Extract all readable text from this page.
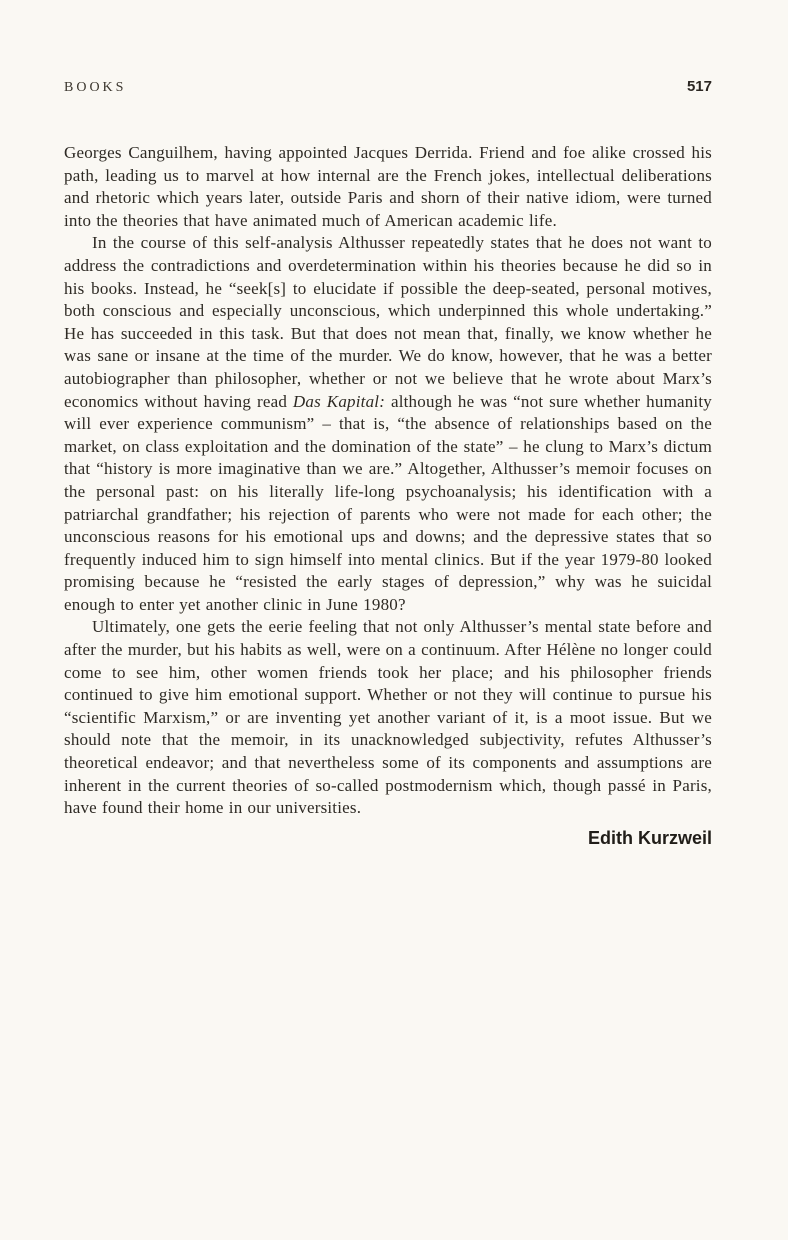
BOOKS	517

Georges Canguilhem, having appointed Jacques Derrida. Friend and foe alike crossed his path, leading us to marvel at how internal are the French jokes, intellectual deliberations and rhetoric which years later, outside Paris and shorn of their native idiom, were turned into the theories that have animated much of American academic life.

In the course of this self-analysis Althusser repeatedly states that he does not want to address the contradictions and overdetermination within his theories because he did so in his books. Instead, he “seek[s] to elucidate if possible the deep-seated, personal motives, both conscious and especially unconscious, which underpinned this whole undertaking.” He has succeeded in this task. But that does not mean that, finally, we know whether he was sane or insane at the time of the murder. We do know, however, that he was a better autobiographer than philosopher, whether or not we believe that he wrote about Marx’s economics without having read Das Kapital: although he was “not sure whether humanity will ever experience communism” – that is, “the absence of relationships based on the market, on class exploitation and the domination of the state” – he clung to Marx’s dictum that “history is more imaginative than we are.” Altogether, Althusser’s memoir focuses on the personal past: on his literally life-long psychoanalysis; his identification with a patriarchal grandfather; his rejection of parents who were not made for each other; the unconscious reasons for his emotional ups and downs; and the depressive states that so frequently induced him to sign himself into mental clinics. But if the year 1979-80 looked promising because he “resisted the early stages of depression,” why was he suicidal enough to enter yet another clinic in June 1980?

Ultimately, one gets the eerie feeling that not only Althusser’s mental state before and after the murder, but his habits as well, were on a continuum. After Hélène no longer could come to see him, other women friends took her place; and his philosopher friends continued to give him emotional support. Whether or not they will continue to pursue his “scientific Marxism,” or are inventing yet another variant of it, is a moot issue. But we should note that the memoir, in its unacknowledged subjectivity, refutes Althusser’s theoretical endeavor; and that nevertheless some of its components and assumptions are inherent in the current theories of so-called postmodernism which, though passé in Paris, have found their home in our universities.

Edith Kurzweil
